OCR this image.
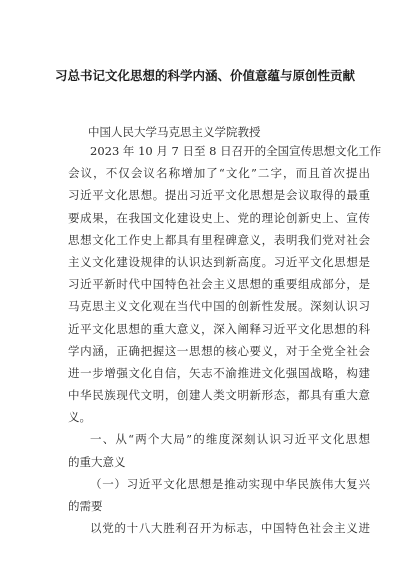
习总书记文化思想的科学内涵、价值意蕴与原创性贡献
中国人民大学马克思主义学院教授
2023 年 10 月 7 日至 8 日召开的全国宣传思想文化工作
会议，不仅会议名称增加了“文化”二字，而且首次提出
习近平文化思想。提出习近平文化思想是会议取得的最重
要成果，在我国文化建设史上、党的理论创新史上、宣传
思想文化工作史上都具有里程碑意义，表明我们党对社会
主义文化建设规律的认识达到新高度。习近平文化思想是
习近平新时代中国特色社会主义思想的重要组成部分，是
马克思主义文化观在当代中国的创新性发展。深刻认识习
近平文化思想的重大意义，深入阐释习近平文化思想的科
学内涵，正确把握这一思想的核心要义，对于全党全社会
进一步增强文化自信，矢志不渝推进文化强国战略，构建
中华民族现代文明，创建人类文明新形态，都具有重大意
义。
一、从“两个大局”的维度深刻认识习近平文化思想
的重大意义
（一）习近平文化思想是推动实现中华民族伟大复兴
的需要
以党的十八大胜利召开为标志，中国特色社会主义进
